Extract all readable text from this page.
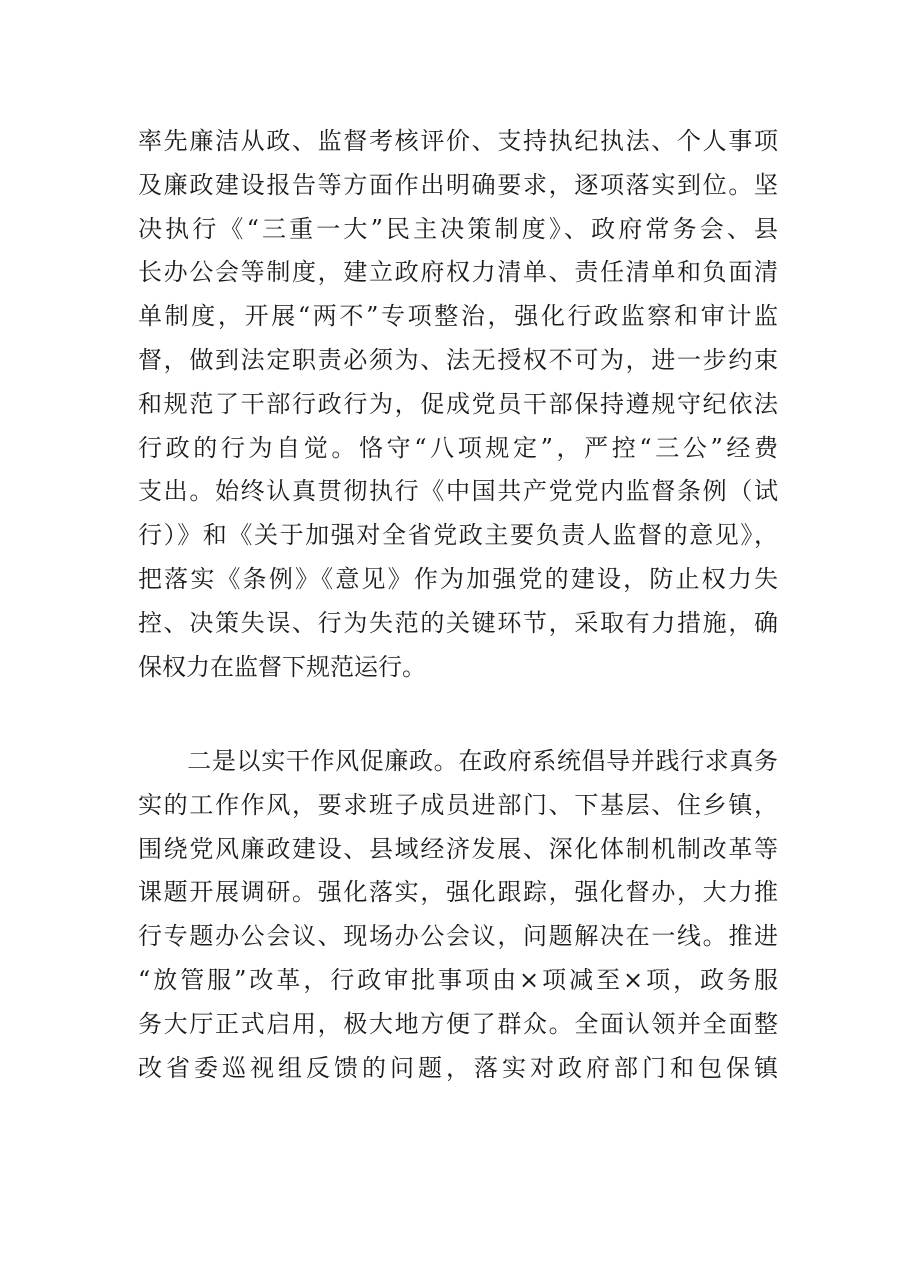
率先廉洁从政、监督考核评价、支持执纪执法、个人事项
及廉政建设报告等方面作出明确要求，逐项落实到位。坚
决执行《“三重一大”民主决策制度》、政府常务会、县
长办公会等制度，建立政府权力清单、责任清单和负面清
单制度，开展“两不”专项整治，强化行政监察和审计监
督，做到法定职责必须为、法无授权不可为，进一步约束
和规范了干部行政行为，促成党员干部保持遵规守纪依法
行政的行为自觉。恪守“八项规定”，严控“三公”经费
支出。始终认真贯彻执行《中国共产党党内监督条例（试
行）》和《关于加强对全省党政主要负责人监督的意见》，
把落实《条例》《意见》作为加强党的建设，防止权力失
控、决策失误、行为失范的关键环节，采取有力措施，确
保权力在监督下规范运行。

　　二是以实干作风促廉政。在政府系统倡导并践行求真务
实的工作作风，要求班子成员进部门、下基层、住乡镇，
围绕党风廉政建设、县域经济发展、深化体制机制改革等
课题开展调研。强化落实，强化跟踪，强化督办，大力推
行专题办公会议、现场办公会议，问题解决在一线。推进
“放管服”改革，行政审批事项由×项减至×项，政务服
务大厅正式启用，极大地方便了群众。全面认领并全面整
改省委巡视组反馈的问题，落实对政府部门和包保镇
